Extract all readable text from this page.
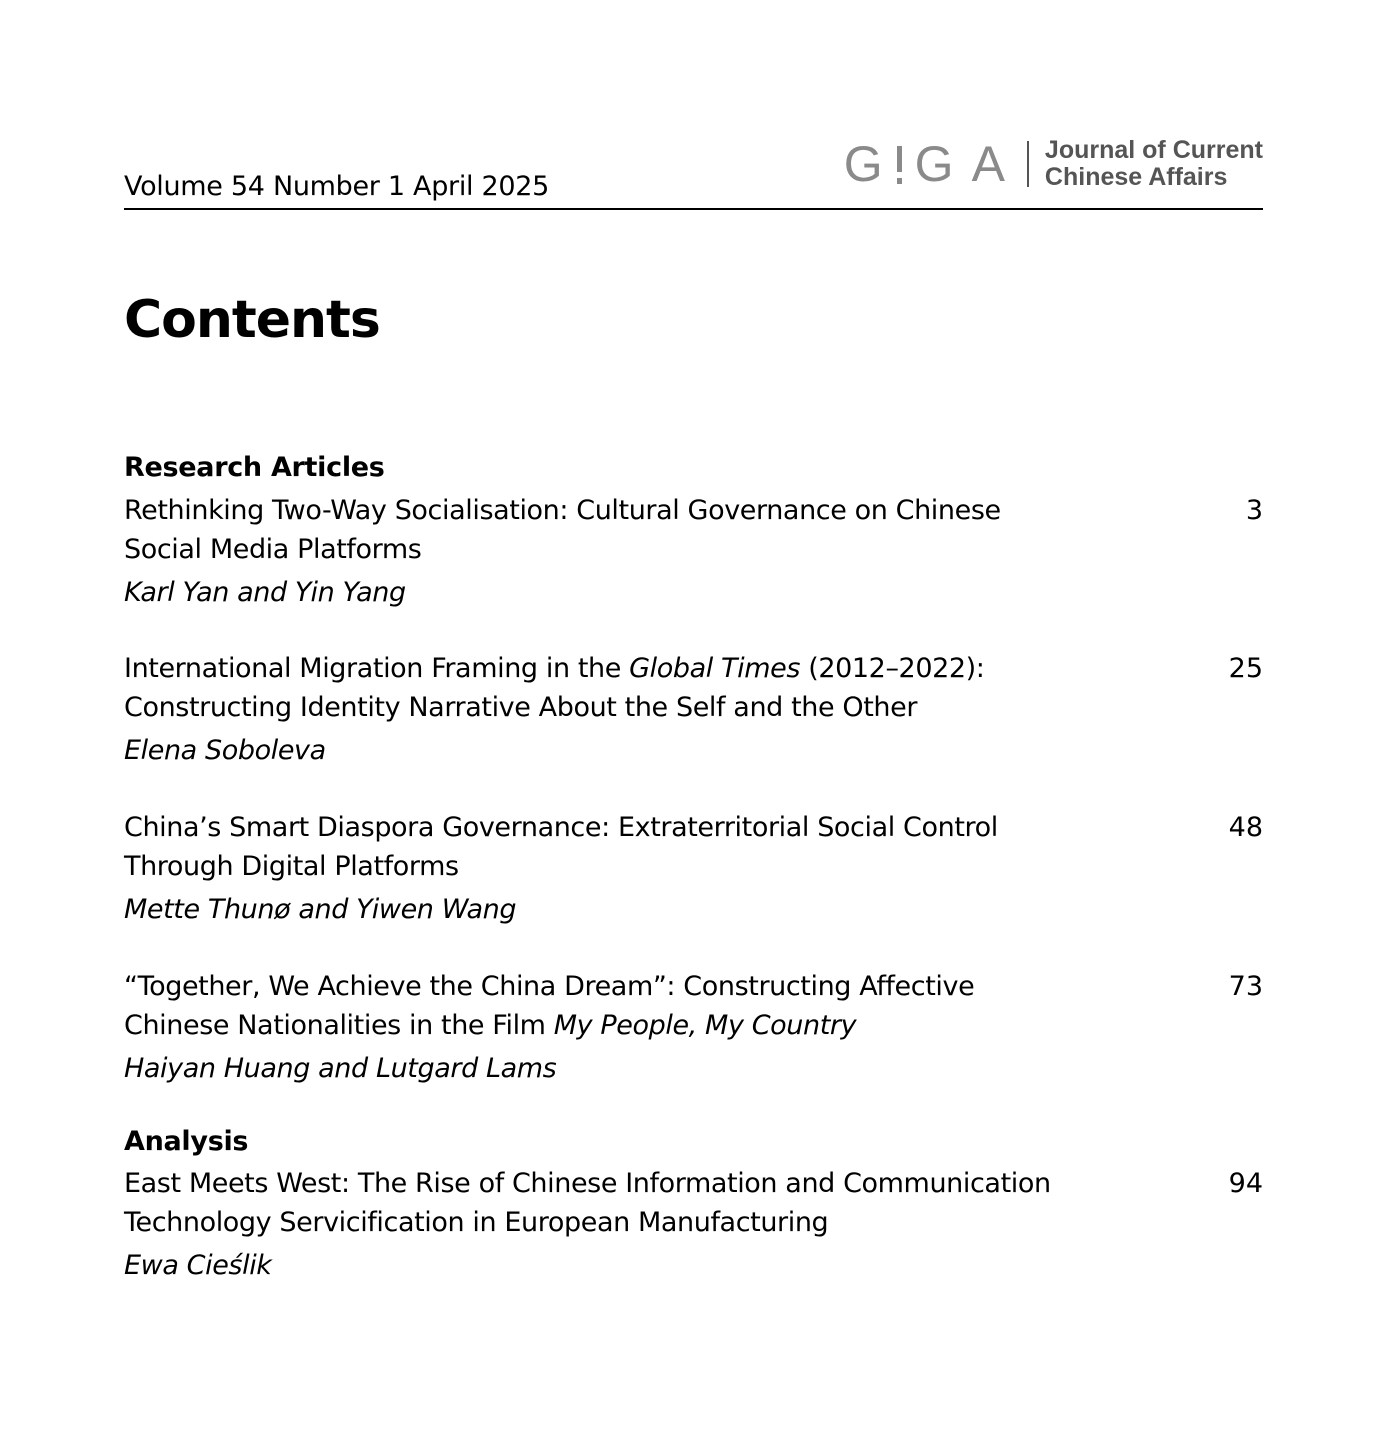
Volume 54 Number 1 April 2025	G G A Journal of Current
Chinese Affairs
Contents
Research Articles
Rethinking Two-Way Socialisation: Cultural Governance on Chinese Social Media Platforms
3
Karl Yan and Yin Yang
International Migration Framing in the Global Times (2012–2022): Constructing Identity Narrative About the Self and the Other
25
Elena Soboleva
China’s Smart Diaspora Governance: Extraterritorial Social Control Through Digital Platforms
48
Mette Thunø and Yiwen Wang
“Together, We Achieve the China Dream”: Constructing Affective Chinese Nationalities in the Film My People, My Country
73
Haiyan Huang and Lutgard Lams
Analysis
East Meets West: The Rise of Chinese Information and Communication Technology Servicification in European Manufacturing
94
Ewa Cieślik
